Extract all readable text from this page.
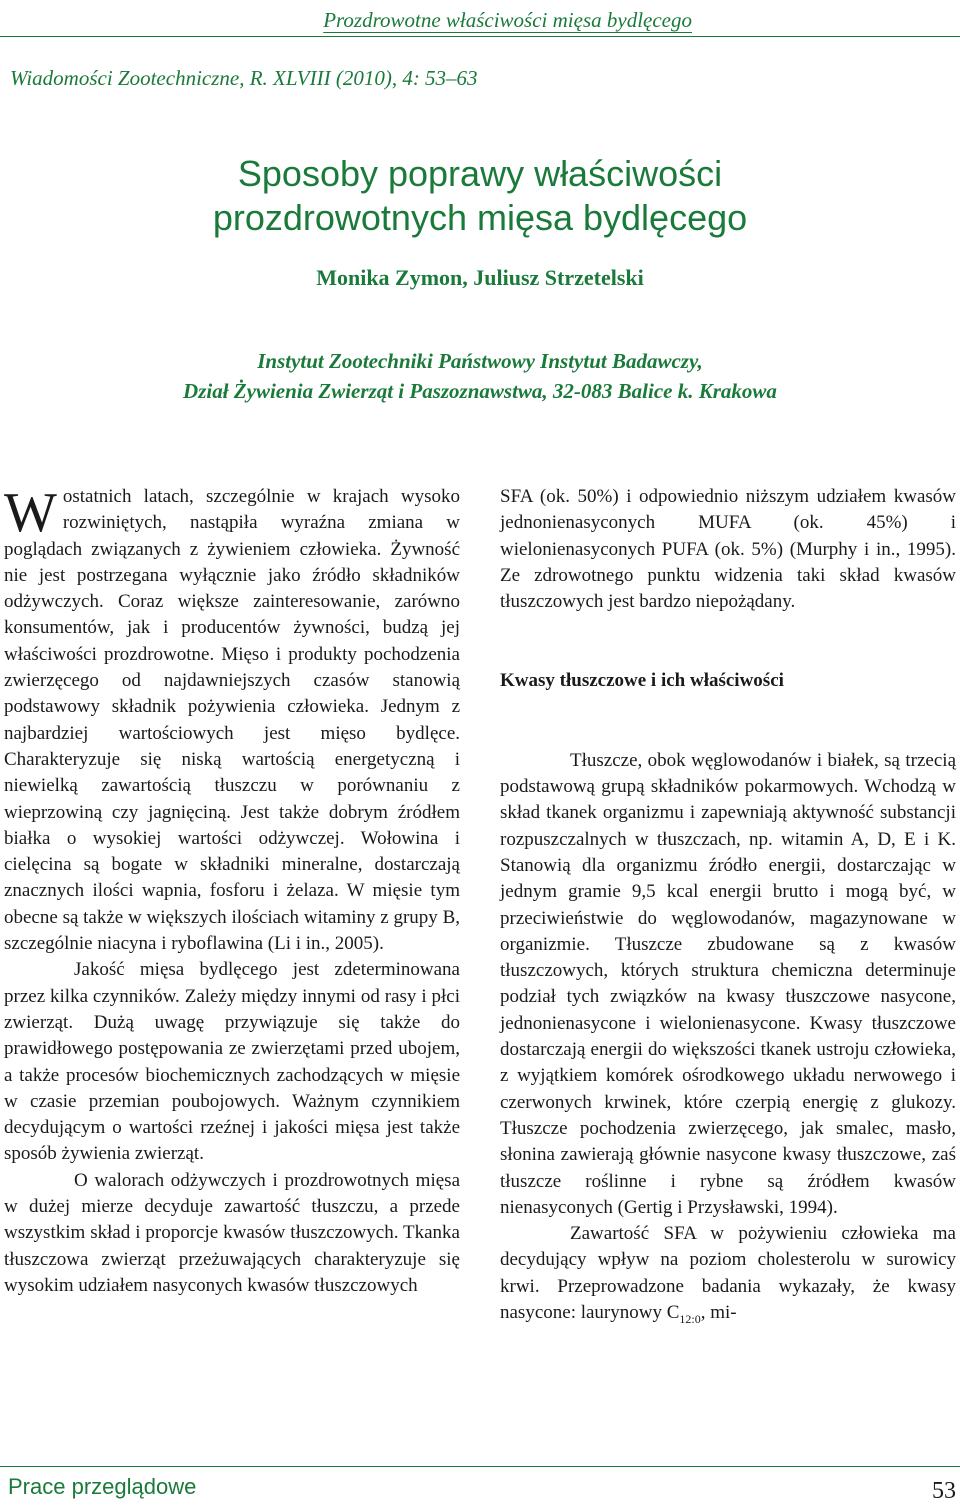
Prozdrowotne właściwości mięsa bydlęcego
Wiadomości Zootechniczne, R. XLVIII (2010), 4: 53–63
Sposoby poprawy właściwości
prozdrowotnych mięsa bydlęcego
Monika Zymon, Juliusz Strzetelski
Instytut Zootechniki Państwowy Instytut Badawczy,
Dział Żywienia Zwierząt i Paszoznawstwa, 32-083 Balice k. Krakowa

Wostatnich latach, szczególnie w krajach wysoko rozwiniętych, nastąpiła wyraźna zmiana w poglądach związanych z żywieniem człowieka. Żywność nie jest postrzegana wyłącznie jako źródło składników odżywczych. Coraz większe zainteresowanie, zarówno konsumentów, jak i producentów żywności, budzą jej właściwości prozdrowotne. Mięso i produkty pochodzenia zwierzęcego od najdawniejszych czasów stanowią podstawowy składnik pożywienia człowieka. Jednym z najbardziej wartościowych jest mięso bydlęce. Charakteryzuje się niską wartością energetyczną i niewielką zawartością tłuszczu w porównaniu z wieprzowiną czy jagnięciną. Jest także dobrym źródłem białka o wysokiej wartości odżywczej. Wołowina i cielęcina są bogate w składniki mineralne, dostarczają znacznych ilości wapnia, fosforu i żelaza. W mięsie tym obecne są także w większych ilościach witaminy z grupy B, szczególnie niacyna i ryboflawina (Li i in., 2005).

Jakość mięsa bydlęcego jest zdeterminowana przez kilka czynników. Zależy między innymi od rasy i płci zwierząt. Dużą uwagę przywiązuje się także do prawidłowego postępowania ze zwierzętami przed ubojem, a także procesów biochemicznych zachodzących w mięsie w czasie przemian poubojowych. Ważnym czynnikiem decydującym o wartości rzeźnej i jakości mięsa jest także sposób żywienia zwierząt.

O walorach odżywczych i prozdrowotnych mięsa w dużej mierze decyduje zawartość tłuszczu, a przede wszystkim skład i proporcje kwasów tłuszczowych. Tkanka tłuszczowa zwierząt przeżuwających charakteryzuje się wysokim udziałem nasyconych kwasów tłuszczowych

SFA (ok. 50%) i odpowiednio niższym udziałem kwasów jednonienasyconych MUFA (ok. 45%) i wielonienasyconych PUFA (ok. 5%) (Murphy i in., 1995). Ze zdrowotnego punktu widzenia taki skład kwasów tłuszczowych jest bardzo niepożądany.

Kwasy tłuszczowe i ich właściwości

Tłuszcze, obok węglowodanów i białek, są trzecią podstawową grupą składników pokarmowych. Wchodzą w skład tkanek organizmu i zapewniają aktywność substancji rozpuszczalnych w tłuszczach, np. witamin A, D, E i K. Stanowią dla organizmu źródło energii, dostarczając w jednym gramie 9,5 kcal energii brutto i mogą być, w przeciwieństwie do węglowodanów, magazynowane w organizmie. Tłuszcze zbudowane są z kwasów tłuszczowych, których struktura chemiczna determinuje podział tych związków na kwasy tłuszczowe nasycone, jednonienasycone i wielonienasycone. Kwasy tłuszczowe dostarczają energii do większości tkanek ustroju człowieka, z wyjątkiem komórek ośrodkowego układu nerwowego i czerwonych krwinek, które czerpią energię z glukozy. Tłuszcze pochodzenia zwierzęcego, jak smalec, masło, słonina zawierają głównie nasycone kwasy tłuszczowe, zaś tłuszcze roślinne i rybne są źródłem kwasów nienasyconych (Gertig i Przysławski, 1994).

Zawartość SFA w pożywieniu człowieka ma decydujący wpływ na poziom cholesterolu w surowicy krwi. Przeprowadzone badania wykazały, że kwasy nasycone: laurynowy $C_{12:0}$, mi-

Prace przeglądowe	53
